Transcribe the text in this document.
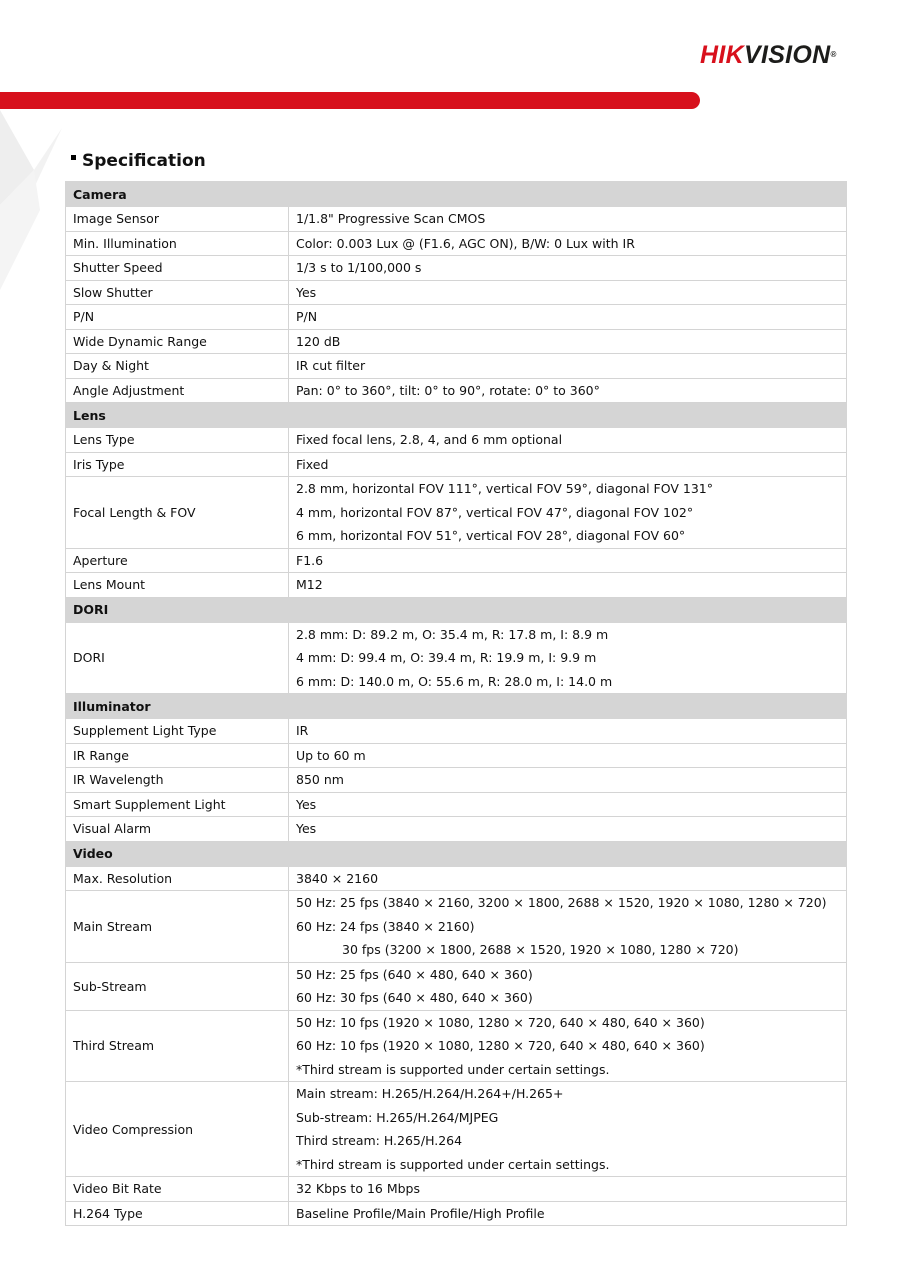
HIKVISION®
Specification
Camera	
Image Sensor	1/1.8" Progressive Scan CMOS

Min. Illumination	Color: 0.003 Lux @ (F1.6, AGC ON), B/W: 0 Lux with IR

Shutter Speed	1/3 s to 1/100,000 s

Slow Shutter	Yes

P/N	P/N

Wide Dynamic Range	120 dB

Day & Night	IR cut filter

Angle Adjustment	Pan: 0° to 360°, tilt: 0° to 90°, rotate: 0° to 360°

Lens	
Lens Type	Fixed focal lens, 2.8, 4, and 6 mm optional

Iris Type	Fixed

Focal Length & FOV	2.8 mm, horizontal FOV 111°, vertical FOV 59°, diagonal FOV 131°
4 mm, horizontal FOV 87°, vertical FOV 47°, diagonal FOV 102°
6 mm, horizontal FOV 51°, vertical FOV 28°, diagonal FOV 60°

Aperture	F1.6

Lens Mount	M12

DORI	
DORI	2.8 mm: D: 89.2 m, O: 35.4 m, R: 17.8 m, I: 8.9 m
4 mm: D: 99.4 m, O: 39.4 m, R: 19.9 m, I: 9.9 m
6 mm: D: 140.0 m, O: 55.6 m, R: 28.0 m, I: 14.0 m

Illuminator	
Supplement Light Type	IR

IR Range	Up to 60 m

IR Wavelength	850 nm

Smart Supplement Light	Yes

Visual Alarm	Yes

Video	
Max. Resolution	3840 × 2160

Main Stream	50 Hz: 25 fps (3840 × 2160, 3200 × 1800, 2688 × 1520, 1920 × 1080, 1280 × 720)
60 Hz: 24 fps (3840 × 2160)
30 fps (3200 × 1800, 2688 × 1520, 1920 × 1080, 1280 × 720)

Sub-Stream	50 Hz: 25 fps (640 × 480, 640 × 360)
60 Hz: 30 fps (640 × 480, 640 × 360)

Third Stream	50 Hz: 10 fps (1920 × 1080, 1280 × 720, 640 × 480, 640 × 360)
60 Hz: 10 fps (1920 × 1080, 1280 × 720, 640 × 480, 640 × 360)
*Third stream is supported under certain settings.

Video Compression	Main stream: H.265/H.264/H.264+/H.265+
Sub-stream: H.265/H.264/MJPEG
Third stream: H.265/H.264
*Third stream is supported under certain settings.

Video Bit Rate	32 Kbps to 16 Mbps

H.264 Type	Baseline Profile/Main Profile/High Profile
